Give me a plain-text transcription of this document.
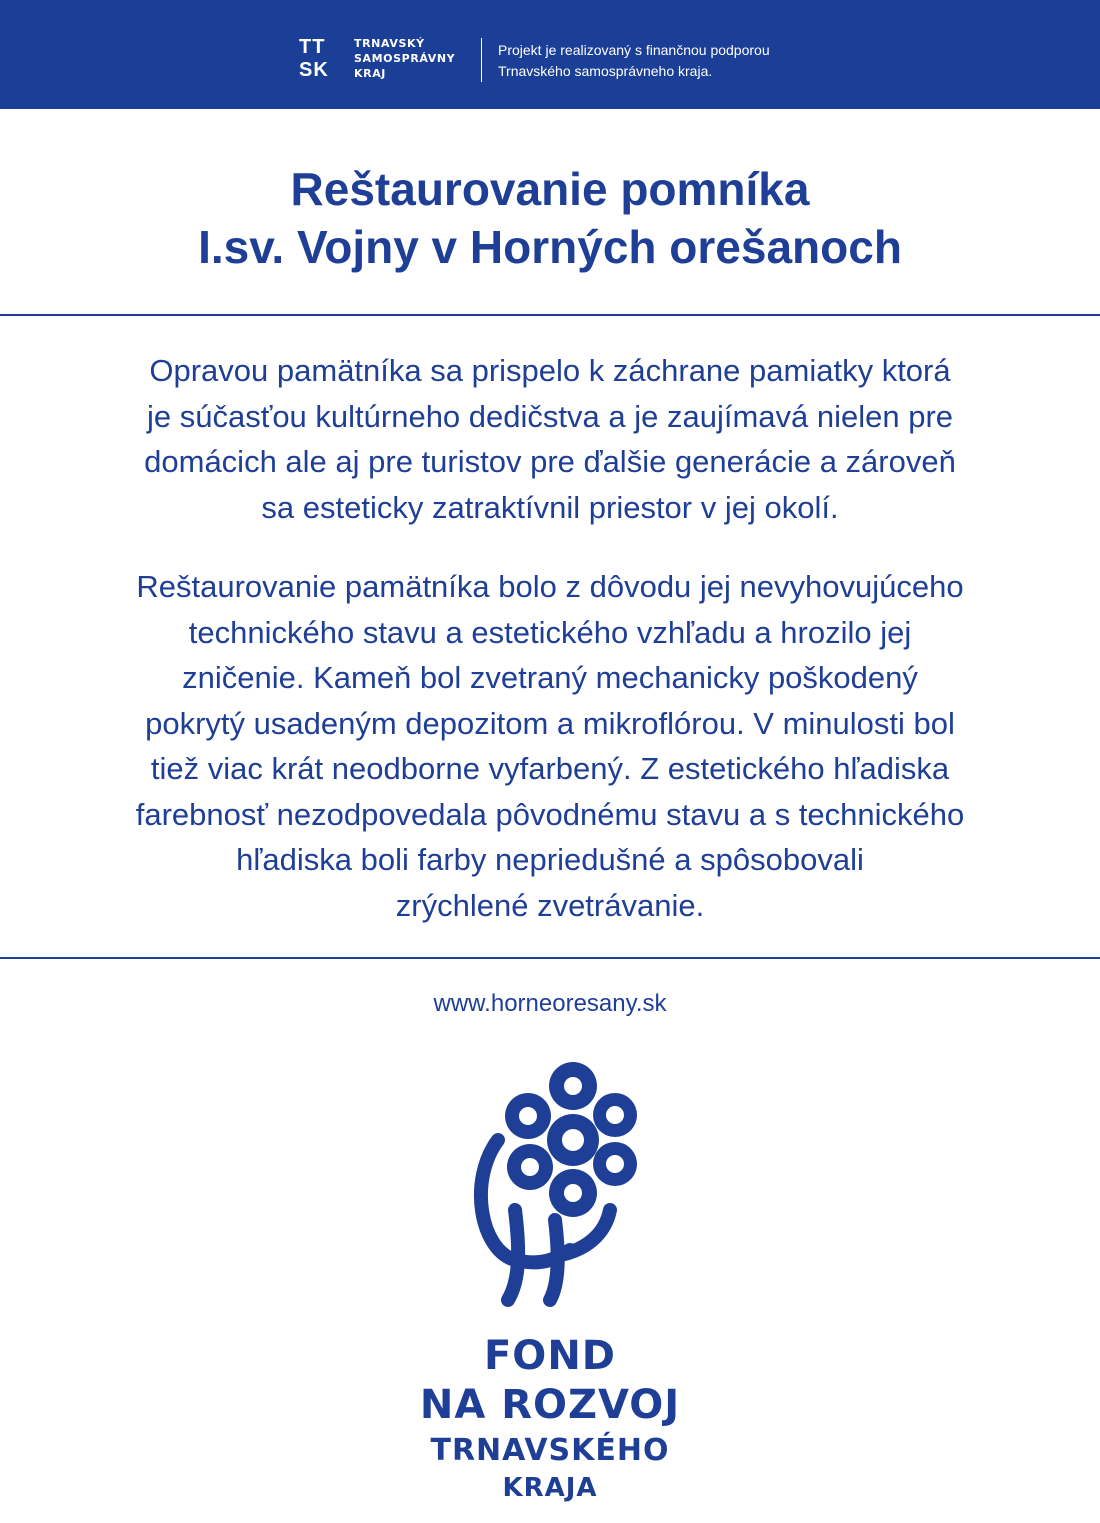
TT
SK
TRNAVSKÝ
SAMOSPRÁVNY
KRAJ
Projekt je realizovaný s finančnou podporou
Trnavského samosprávneho kraja.
Reštaurovanie pomníka
I.sv. Vojny v Horných orešanoch

Opravou pamätníka sa prispelo k záchrane pamiatky ktorá
je súčasťou kultúrneho dedičstva a je zaujímavá nielen pre
domácich ale aj pre turistov pre ďalšie generácie a zároveň
sa esteticky zatraktívnil priestor v jej okolí.

Reštaurovanie pamätníka bolo z dôvodu jej nevyhovujúceho
technického stavu a estetického vzhľadu a hrozilo jej
zničenie. Kameň bol zvetraný mechanicky poškodený
pokrytý usadeným depozitom a mikroflórou. V minulosti bol
tiež viac krát neodborne vyfarbený. Z estetického hľadiska
farebnosť nezodpovedala pôvodnému stavu a s technického
hľadiska boli farby nepriedušné a spôsobovali
zrýchlené zvetrávanie.

www.horneoresany.sk
FOND
NA ROZVOJ
TRNAVSKÉHO
KRAJA
